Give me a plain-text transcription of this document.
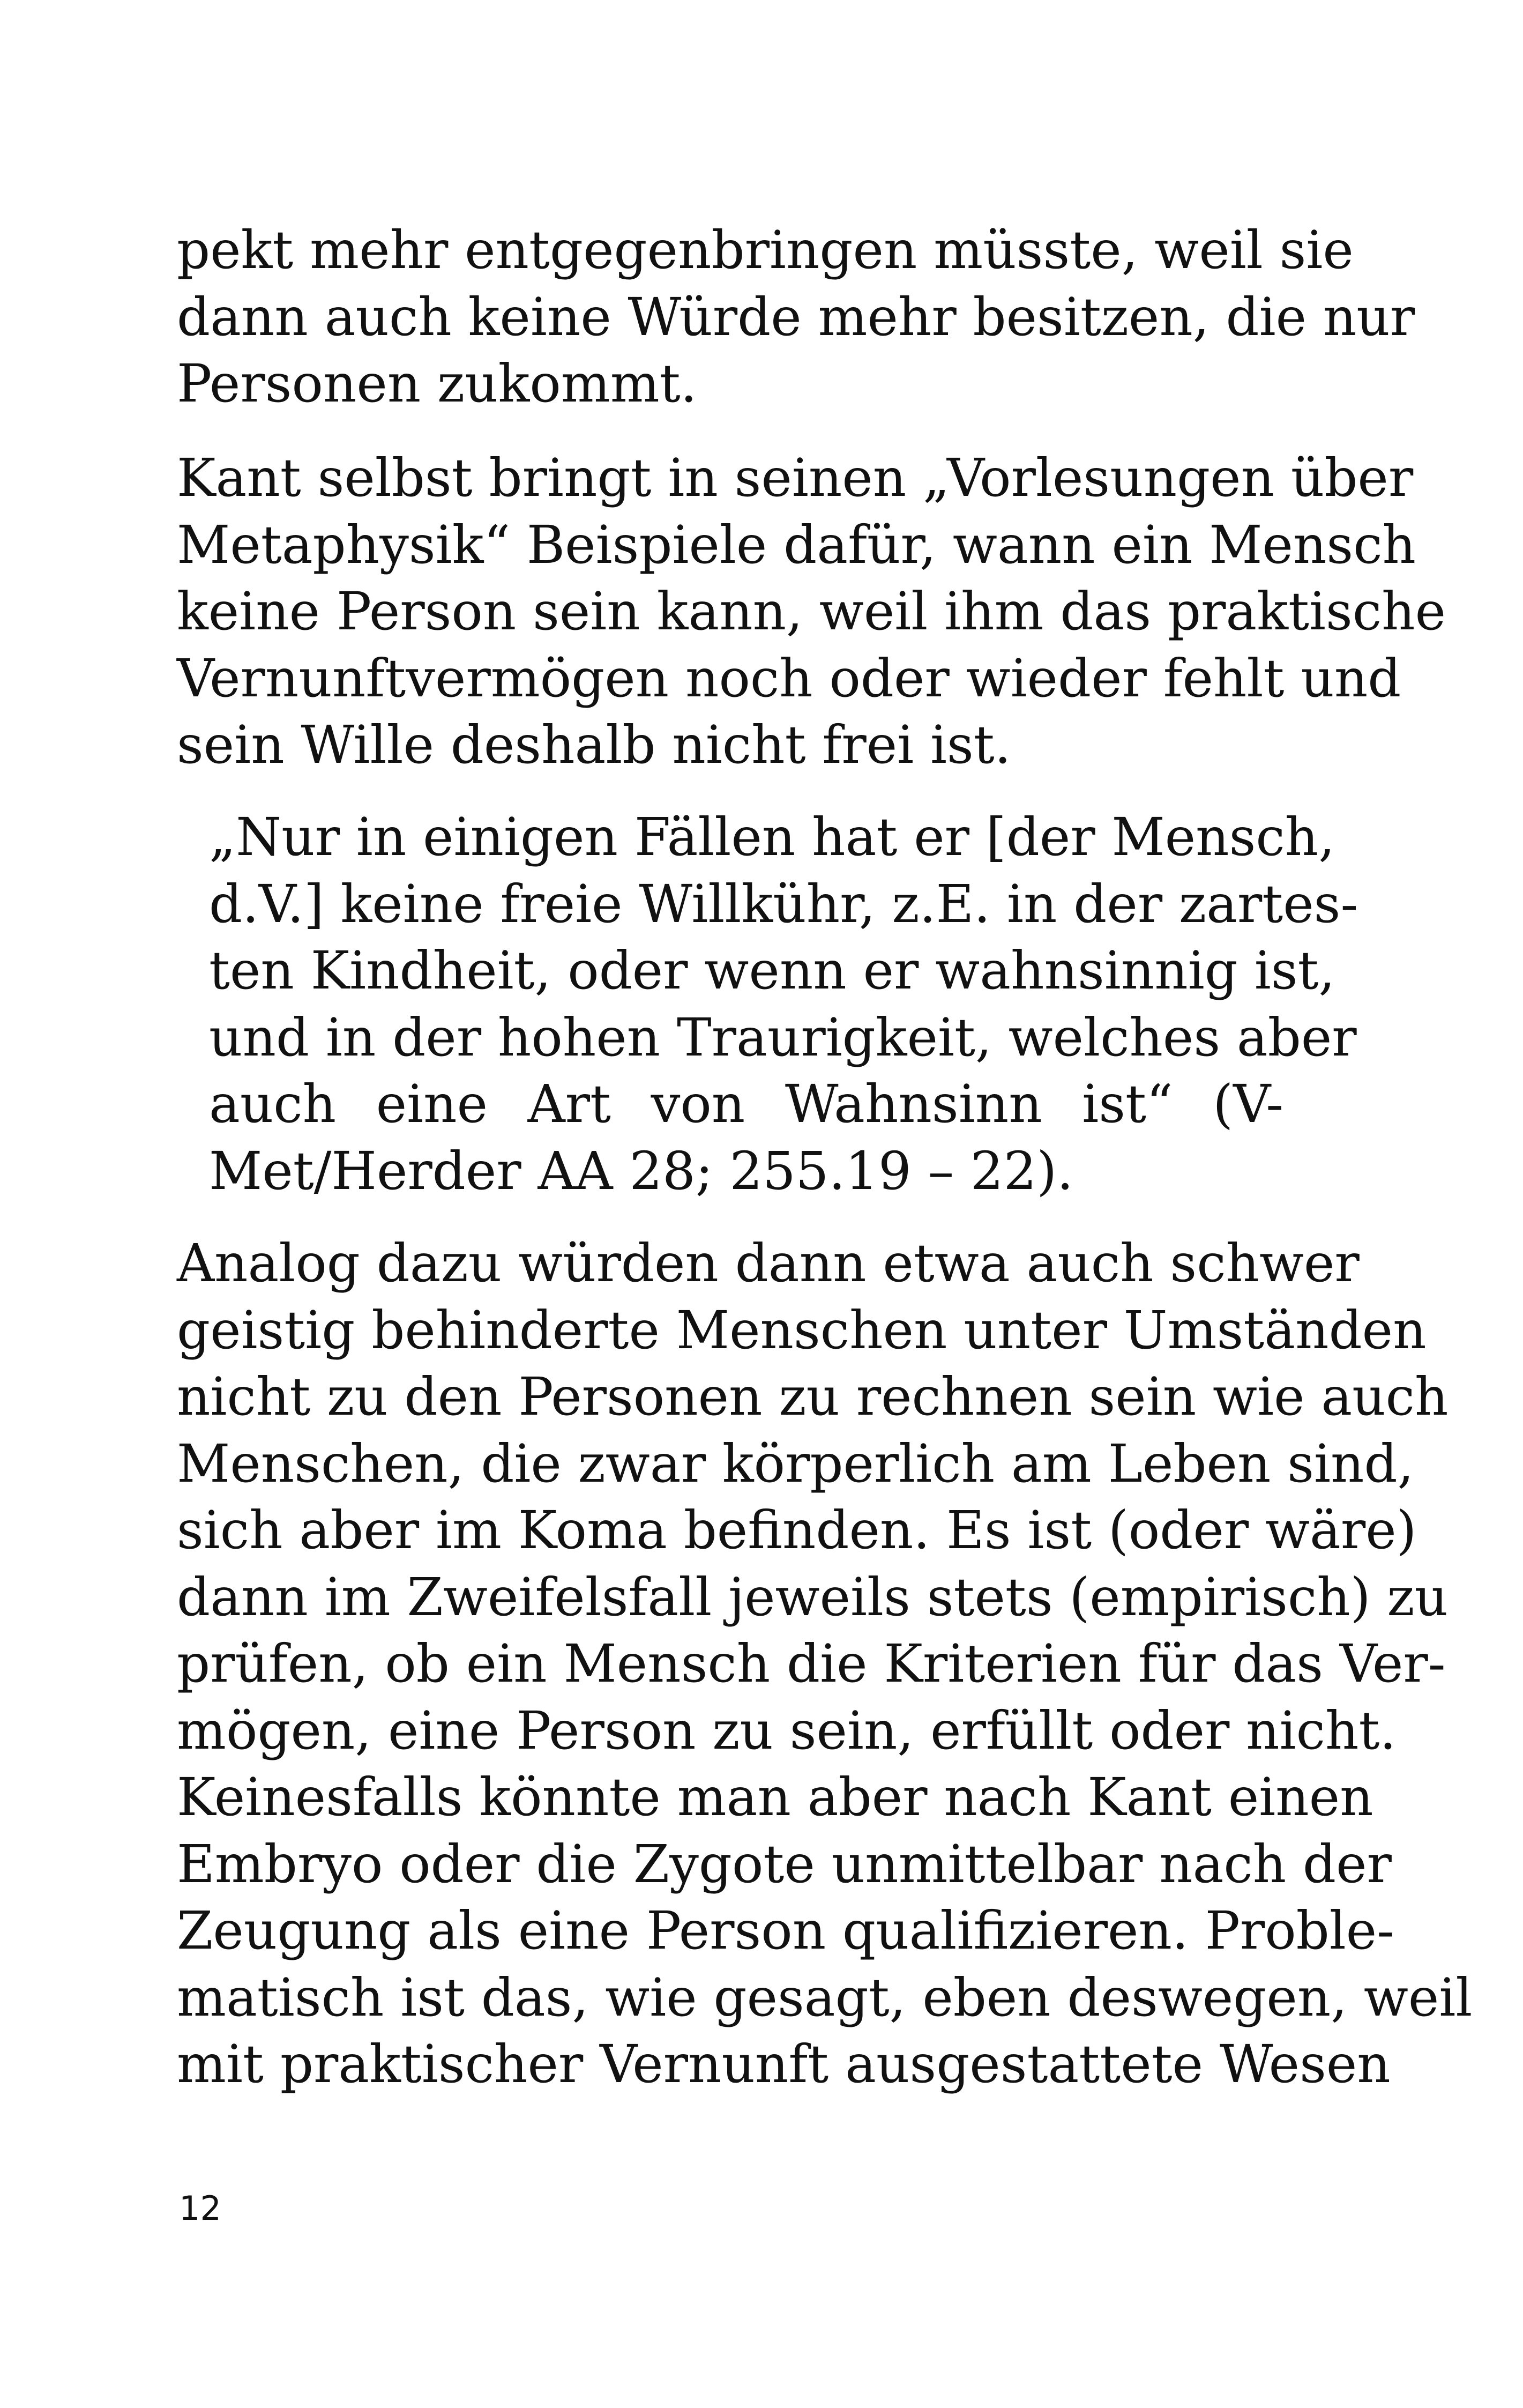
pekt mehr entgegenbringen müsste, weil sie
dann auch keine Würde mehr besitzen, die nur
Personen zukommt.
Kant selbst bringt in seinen „Vorlesungen über
Metaphysik“ Beispiele dafür, wann ein Mensch
keine Person sein kann, weil ihm das praktische
Vernunftvermögen noch oder wieder fehlt und
sein Wille deshalb nicht frei ist.
„Nur in einigen Fällen hat er [der Mensch,
d.V.] keine freie Willkühr, z.E. in der zartes-
ten Kindheit, oder wenn er wahnsinnig ist,
und in der hohen Traurigkeit, welches aber
auch eine Art von Wahnsinn ist“ (V-
Met/Herder AA 28; 255.19 – 22).
Analog dazu würden dann etwa auch schwer
geistig behinderte Menschen unter Umständen
nicht zu den Personen zu rechnen sein wie auch
Menschen, die zwar körperlich am Leben sind,
sich aber im Koma befinden. Es ist (oder wäre)
dann im Zweifelsfall jeweils stets (empirisch) zu
prüfen, ob ein Mensch die Kriterien für das Ver-
mögen, eine Person zu sein, erfüllt oder nicht.
Keinesfalls könnte man aber nach Kant einen
Embryo oder die Zygote unmittelbar nach der
Zeugung als eine Person qualifizieren. Proble-
matisch ist das, wie gesagt, eben deswegen, weil
mit praktischer Vernunft ausgestattete Wesen
12
